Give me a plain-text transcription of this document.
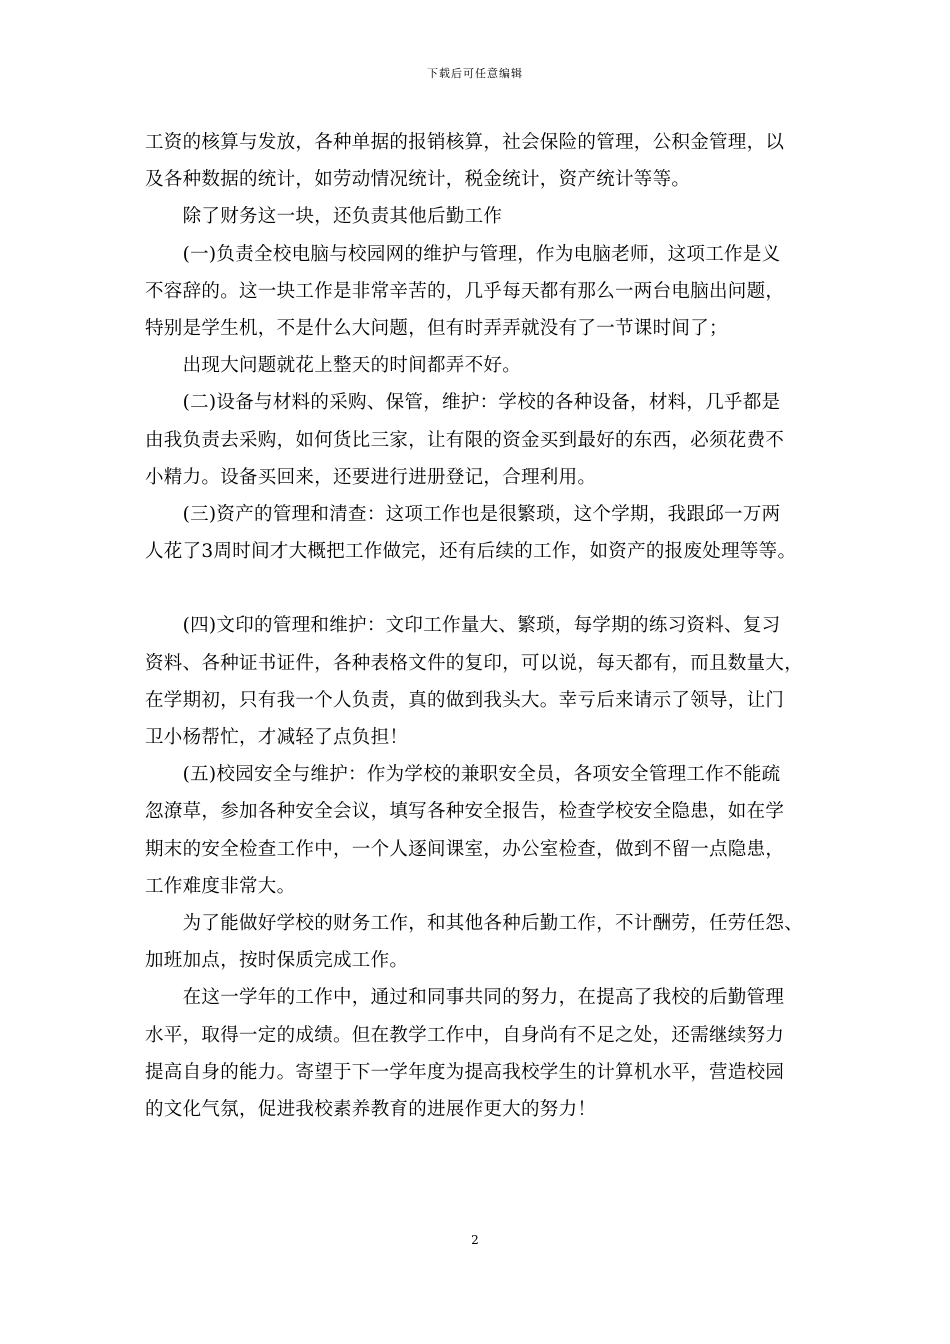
下载后可任意编辑

工资的核算与发放，各种单据的报销核算，社会保险的管理，公积金管理，以
及各种数据的统计，如劳动情况统计，税金统计，资产统计等等。

　　除了财务这一块，还负责其他后勤工作

　　(一)负责全校电脑与校园网的维护与管理，作为电脑老师，这项工作是义
不容辞的。这一块工作是非常辛苦的，几乎每天都有那么一两台电脑出问题，
特别是学生机，不是什么大问题，但有时弄弄就没有了一节课时间了；

　　出现大问题就花上整天的时间都弄不好。

　　(二)设备与材料的采购、保管，维护：学校的各种设备，材料，几乎都是
由我负责去采购，如何货比三家，让有限的资金买到最好的东西，必须花费不
小精力。设备买回来，还要进行进册登记，合理利用。

　　(三)资产的管理和清查：这项工作也是很繁琐，这个学期，我跟邱一万两
人花了3周时间才大概把工作做完，还有后续的工作，如资产的报废处理等等。

　　(四)文印的管理和维护：文印工作量大、繁琐，每学期的练习资料、复习
资料、各种证书证件，各种表格文件的复印，可以说，每天都有，而且数量大，
在学期初，只有我一个人负责，真的做到我头大。幸亏后来请示了领导，让门
卫小杨帮忙，才减轻了点负担！

　　(五)校园安全与维护：作为学校的兼职安全员，各项安全管理工作不能疏
忽潦草，参加各种安全会议，填写各种安全报告，检查学校安全隐患，如在学
期末的安全检查工作中，一个人逐间课室，办公室检查，做到不留一点隐患，
工作难度非常大。

　　为了能做好学校的财务工作，和其他各种后勤工作，不计酬劳，任劳任怨、
加班加点，按时保质完成工作。

　　在这一学年的工作中，通过和同事共同的努力，在提高了我校的后勤管理
水平，取得一定的成绩。但在教学工作中，自身尚有不足之处，还需继续努力
提高自身的能力。寄望于下一学年度为提高我校学生的计算机水平，营造校园
的文化气氛，促进我校素养教育的进展作更大的努力！

2
